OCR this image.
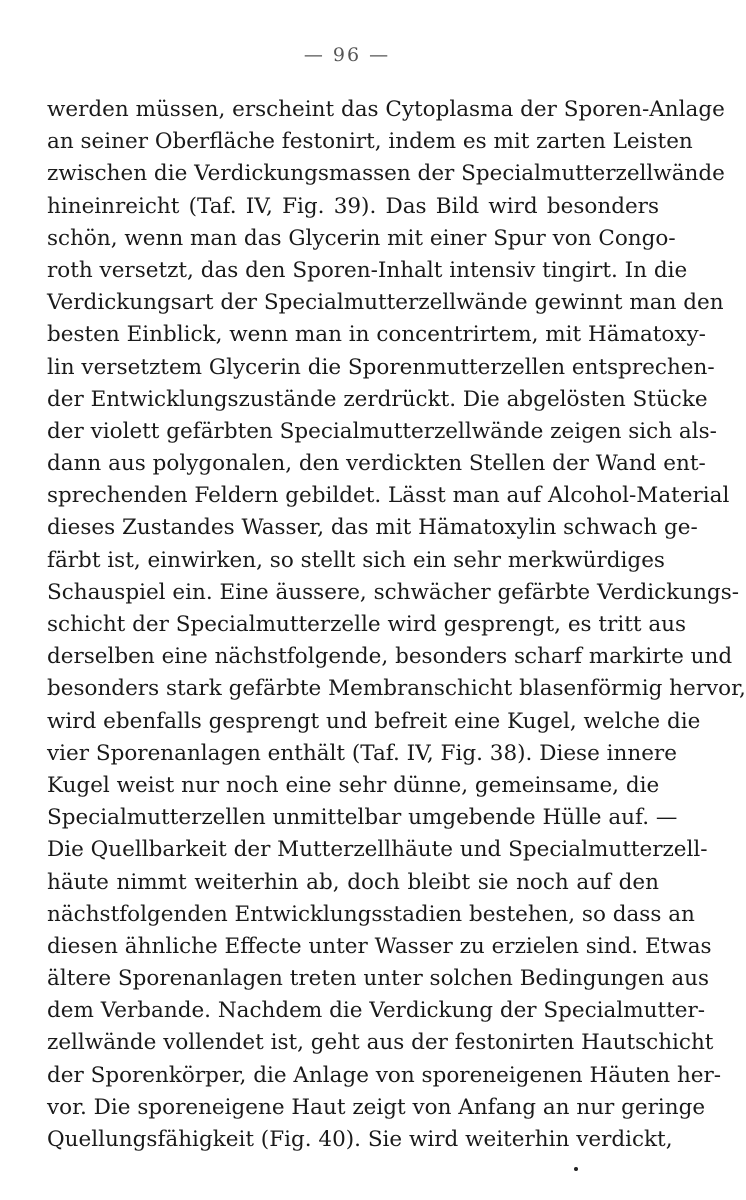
— 96 —
werden müssen, erscheint das Cytoplasma der Sporen-Anlage
an seiner Oberfläche festonirt, indem es mit zarten Leisten
zwischen die Verdickungsmassen der Specialmutterzellwände
hineinreicht (Taf. IV, Fig. 39). Das Bild wird besonders
schön, wenn man das Glycerin mit einer Spur von Congo-
roth versetzt, das den Sporen-Inhalt intensiv tingirt. In die
Verdickungsart der Specialmutterzellwände gewinnt man den
besten Einblick, wenn man in concentrirtem, mit Hämatoxy-
lin versetztem Glycerin die Sporenmutterzellen entsprechen-
der Entwicklungszustände zerdrückt. Die abgelösten Stücke
der violett gefärbten Specialmutterzellwände zeigen sich als-
dann aus polygonalen, den verdickten Stellen der Wand ent-
sprechenden Feldern gebildet. Lässt man auf Alcohol-Material
dieses Zustandes Wasser, das mit Hämatoxylin schwach ge-
färbt ist, einwirken, so stellt sich ein sehr merkwürdiges
Schauspiel ein. Eine äussere, schwächer gefärbte Verdickungs-
schicht der Specialmutterzelle wird gesprengt, es tritt aus
derselben eine nächstfolgende, besonders scharf markirte und
besonders stark gefärbte Membranschicht blasenförmig hervor,
wird ebenfalls gesprengt und befreit eine Kugel, welche die
vier Sporenanlagen enthält (Taf. IV, Fig. 38). Diese innere
Kugel weist nur noch eine sehr dünne, gemeinsame, die
Specialmutterzellen unmittelbar umgebende Hülle auf. —
Die Quellbarkeit der Mutterzellhäute und Specialmutterzell-
häute nimmt weiterhin ab, doch bleibt sie noch auf den
nächstfolgenden Entwicklungsstadien bestehen, so dass an
diesen ähnliche Effecte unter Wasser zu erzielen sind. Etwas
ältere Sporenanlagen treten unter solchen Bedingungen aus
dem Verbande. Nachdem die Verdickung der Specialmutter-
zellwände vollendet ist, geht aus der festonirten Hautschicht
der Sporenkörper, die Anlage von sporeneigenen Häuten her-
vor. Die sporeneigene Haut zeigt von Anfang an nur geringe
Quellungsfähigkeit (Fig. 40). Sie wird weiterhin verdickt,
